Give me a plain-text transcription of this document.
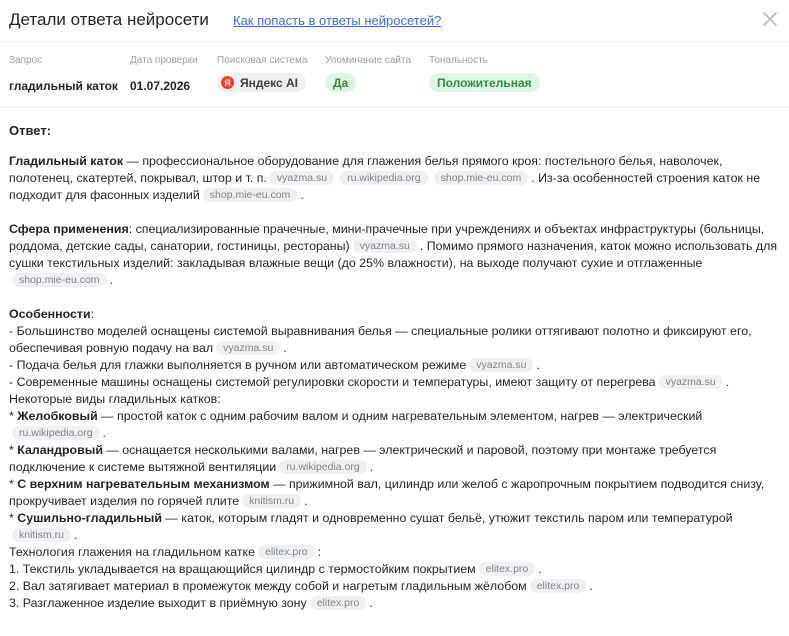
Детали ответа нейросети Как попасть в ответы нейросетей?
Запрос
гладильный каток
Дата проверки
01.07.2026
Поисковая система
Я Яндекс AI
Упоминание сайта
Да
Тональность
Положительная
Ответ:

Гладильный каток — профессиональное оборудование для глажения белья прямого кроя: постельного белья, наволочек, полотенец, скатертей, покрывал, штор и т. п. vyazma.su ru.wikipedia.org shop.mie-eu.com . Из-за особенностей строения каток не подходит для фасонных изделий shop.mie-eu.com .

Сфера применения: специализированные прачечные, мини-прачечные при учреждениях и объектах инфраструктуры (больницы, роддома, детские сады, санатории, гостиницы, рестораны) vyazma.su . Помимо прямого назначения, каток можно использовать для сушки текстильных изделий: закладывая влажные вещи (до 25% влажности), на выходе получают сухие и отглаженныеshop.mie-eu.com .

Особенности:

- Большинство моделей оснащены системой выравнивания белья — специальные ролики оттягивают полотно и фиксируют его, обеспечивая ровную подачу на вал vyazma.su .

- Подача белья для глажки выполняется в ручном или автоматическом режиме vyazma.su .

- Современные машины оснащены системой регулировки скорости и температуры, имеют защиту от перегрева vyazma.su .

Некоторые виды гладильных катков:

* Желобковый — простой каток с одним рабочим валом и одним нагревательным элементом, нагрев — электрическийru.wikipedia.org .

* Каландровый — оснащается несколькими валами, нагрев — электрический и паровой, поэтому при монтаже требуется подключение к системе вытяжной вентиляции ru.wikipedia.org .

* С верхним нагревательным механизмом — прижимной вал, цилиндр или желоб с жаропрочным покрытием подводится снизу, прокручивает изделия по горячей плите knitism.ru .

* Сушильно-гладильный — каток, которым гладят и одновременно сушат бельё, утюжит текстиль паром или температуройknitism.ru .

Технология глажения на гладильном катке elitex.pro :

1. Текстиль укладывается на вращающийся цилиндр с термостойким покрытием elitex.pro .

2. Вал затягивает материал в промежуток между собой и нагретым гладильным жёлобом elitex.pro .

3. Разглаженное изделие выходит в приёмную зону elitex.pro .
